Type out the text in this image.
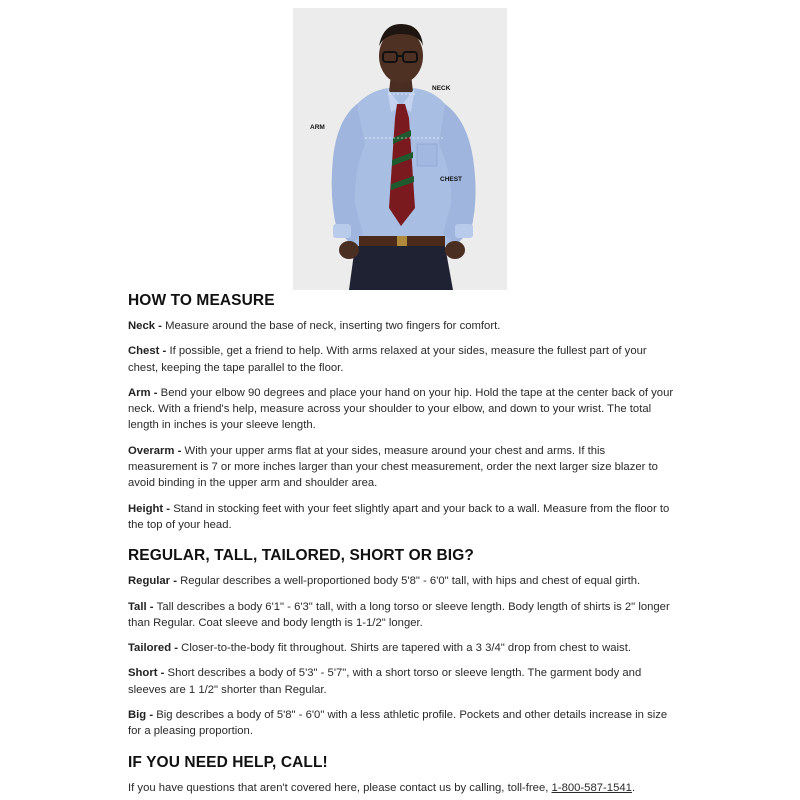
NECK
ARM
CHEST
HOW TO MEASURE

Neck - Measure around the base of neck, inserting two fingers for comfort.

Chest - If possible, get a friend to help. With arms relaxed at your sides, measure the fullest part of your chest, keeping the tape parallel to the floor.

Arm - Bend your elbow 90 degrees and place your hand on your hip. Hold the tape at the center back of your neck. With a friend's help, measure across your shoulder to your elbow, and down to your wrist. The total length in inches is your sleeve length.

Overarm - With your upper arms flat at your sides, measure around your chest and arms. If this measurement is 7 or more inches larger than your chest measurement, order the next larger size blazer to avoid binding in the upper arm and shoulder area.

Height - Stand in stocking feet with your feet slightly apart and your back to a wall. Measure from the floor to the top of your head.

REGULAR, TALL, TAILORED, SHORT OR BIG?

Regular - Regular describes a well-proportioned body 5'8" - 6'0" tall, with hips and chest of equal girth.

Tall - Tall describes a body 6'1" - 6'3" tall, with a long torso or sleeve length. Body length of shirts is 2" longer than Regular. Coat sleeve and body length is 1-1/2" longer.

Tailored - Closer-to-the-body fit throughout. Shirts are tapered with a 3 3/4" drop from chest to waist.

Short - Short describes a body of 5'3" - 5'7", with a short torso or sleeve length. The garment body and sleeves are 1 1/2" shorter than Regular.

Big - Big describes a body of 5'8" - 6'0" with a less athletic profile. Pockets and other details increase in size for a pleasing proportion.

IF YOU NEED HELP, CALL!

If you have questions that aren't covered here, please contact us by calling, toll-free, 1-800-587-1541.
